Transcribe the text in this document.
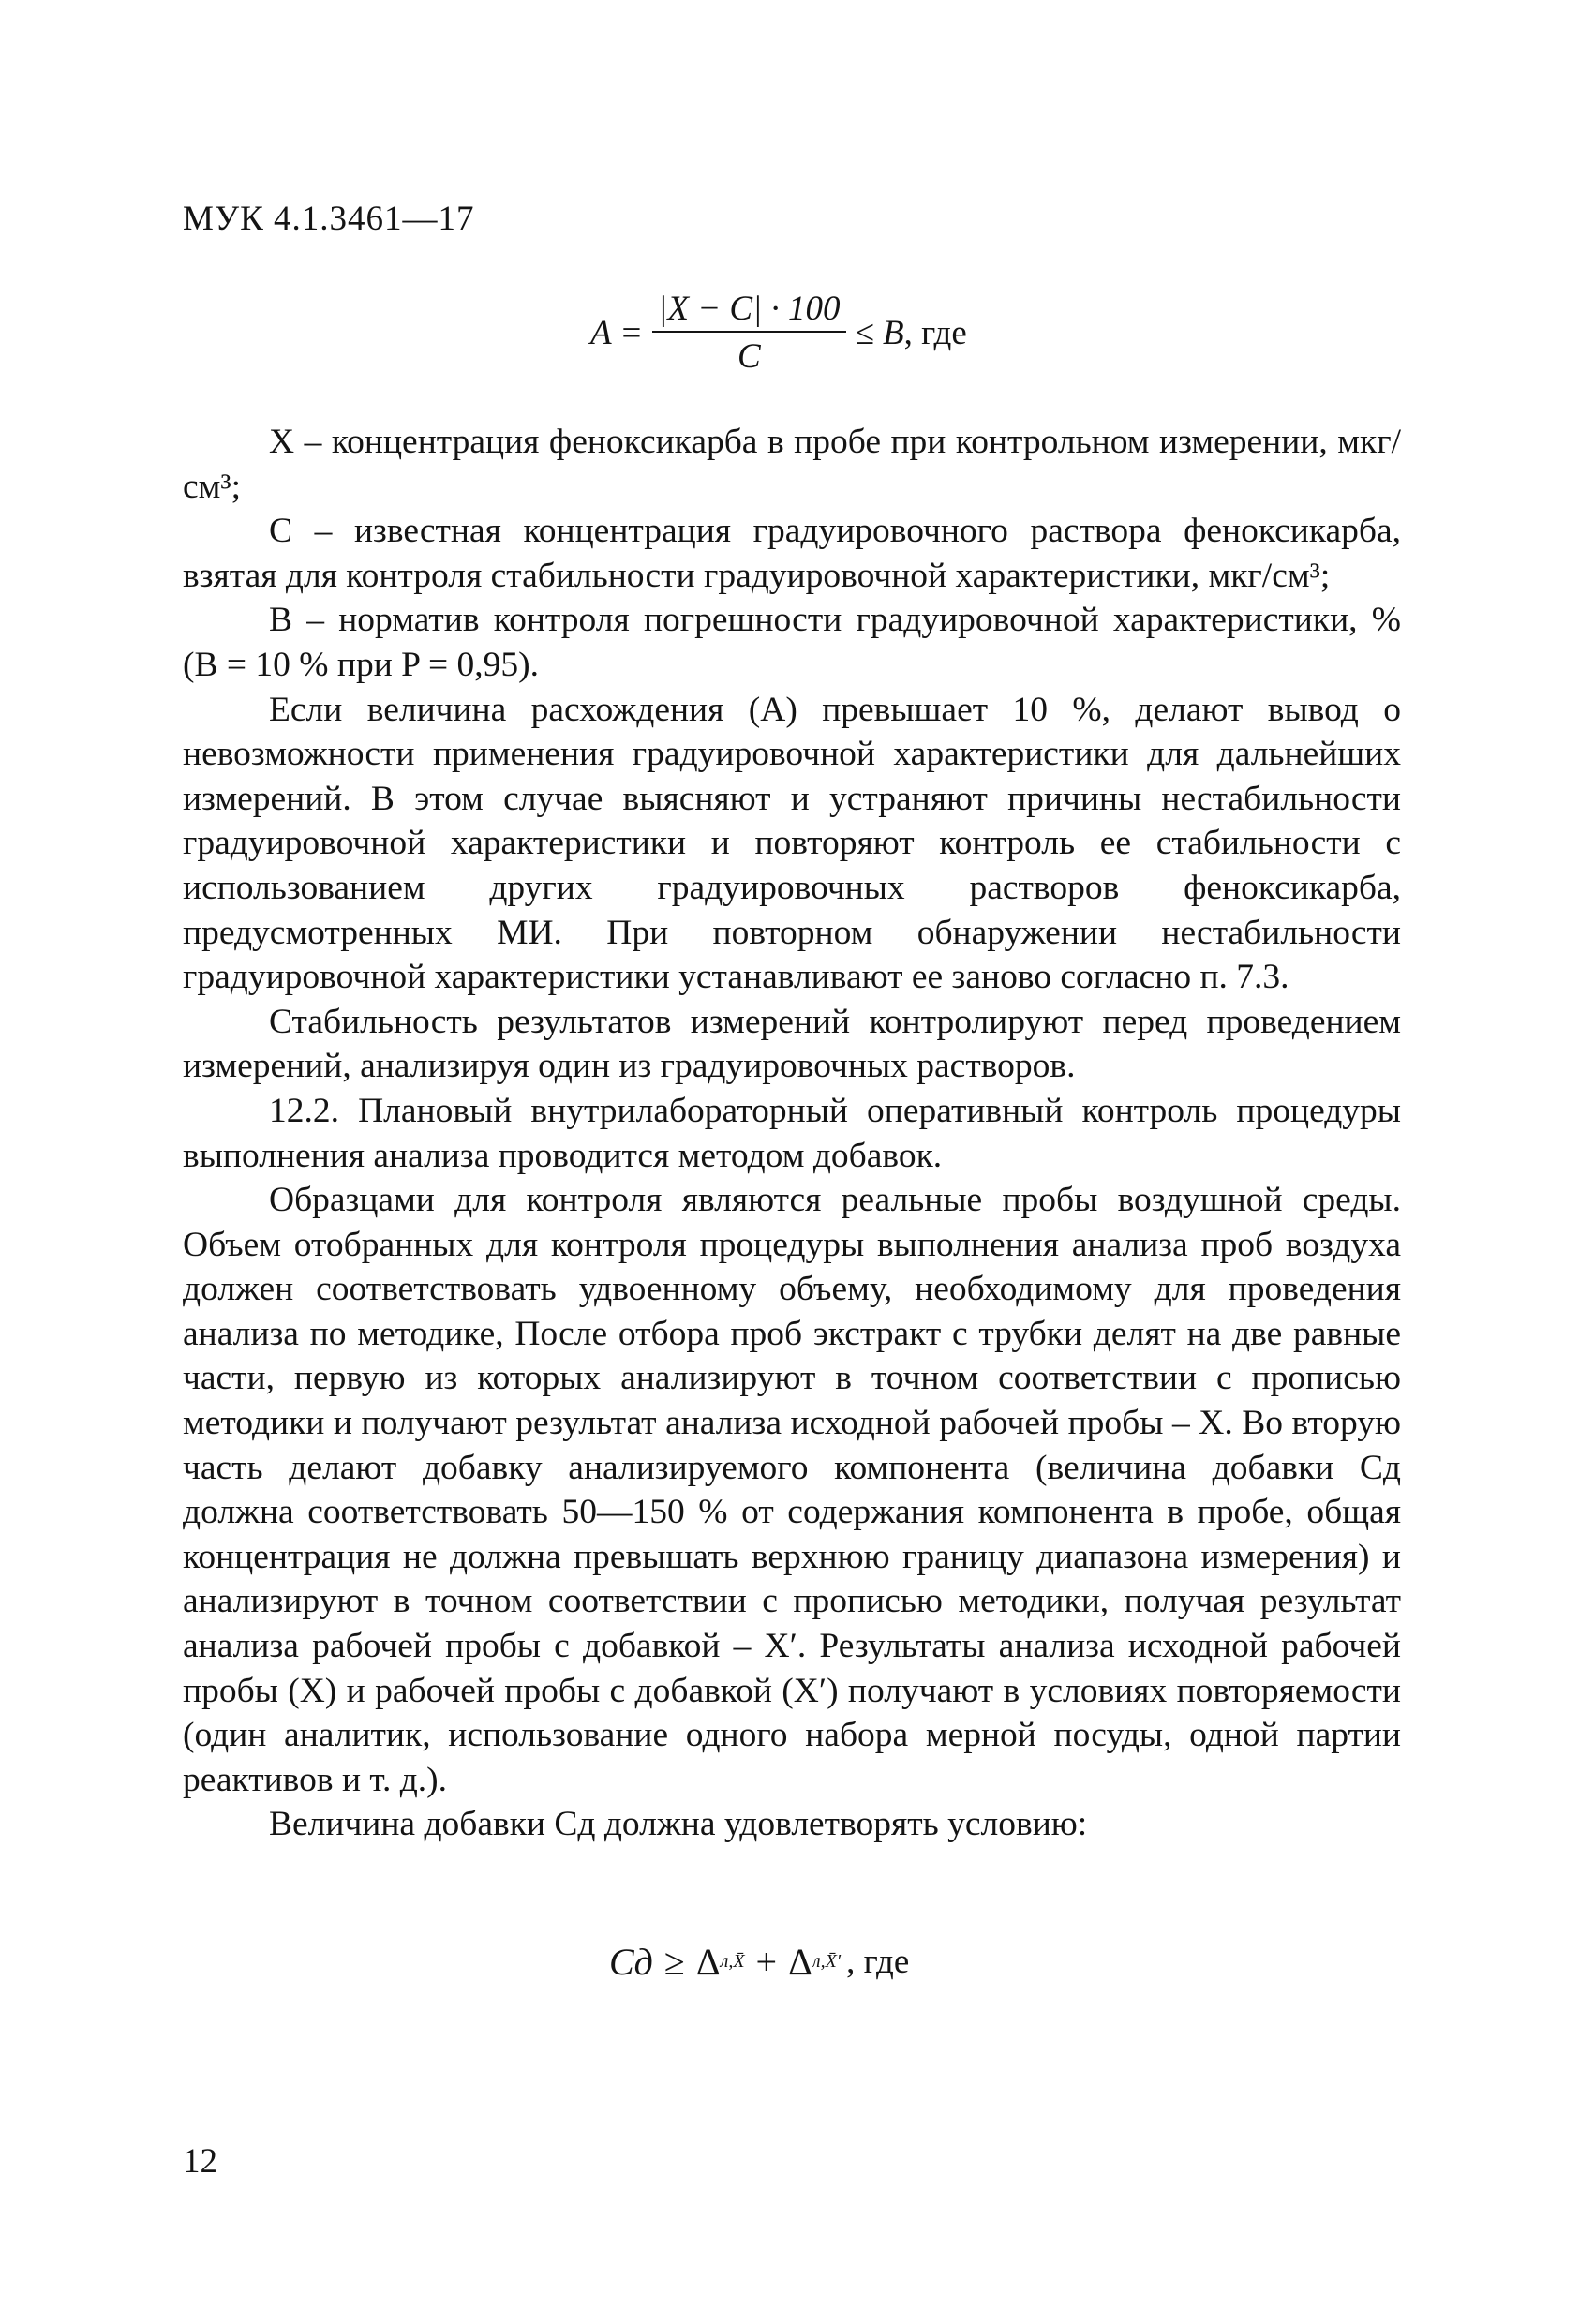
МУК 4.1.3461—17
$A = \frac{|X - C| \cdot 100}{C} \le B$ , где

X – концентрация феноксикарба в пробе при контрольном измерении, мкг/см³;

C – известная концентрация градуировочного раствора феноксикарба, взятая для контроля стабильности градуировочной характеристики, мкг/см³;

B – норматив контроля погрешности градуировочной характеристики, % (B = 10 % при P = 0,95).

Если величина расхождения (A) превышает 10 %, делают вывод о невозможности применения градуировочной характеристики для дальнейших измерений. В этом случае выясняют и устраняют причины нестабильности градуировочной характеристики и повторяют контроль ее стабильности с использованием других градуировочных растворов феноксикарба, предусмотренных МИ. При повторном обнаружении нестабильности градуировочной характеристики устанавливают ее заново согласно п. 7.3.

Стабильность результатов измерений контролируют перед проведением измерений, анализируя один из градуировочных растворов.

12.2. Плановый внутрилабораторный оперативный контроль процедуры выполнения анализа проводится методом добавок.

Образцами для контроля являются реальные пробы воздушной среды. Объем отобранных для контроля процедуры выполнения анализа проб воздуха должен соответствовать удвоенному объему, необходимому для проведения анализа по методике, После отбора проб экстракт с трубки делят на две равные части, первую из которых анализируют в точном соответствии с прописью методики и получают результат анализа исходной рабочей пробы – X. Во вторую часть делают добавку анализируемого компонента (величина добавки Cд должна соответствовать 50—150 % от содержания компонента в пробе, общая концентрация не должна превышать верхнюю границу диапазона измерения) и анализируют в точном соответствии с прописью методики, получая результат анализа рабочей пробы с добавкой – X′. Результаты анализа исходной рабочей пробы (X) и рабочей пробы с добавкой (X′) получают в условиях повторяемости (один аналитик, использование одного набора мерной посуды, одной партии реактивов и т. д.).

Величина добавки Cд должна удовлетворять условию:

Cд ≥ Δ л,X̄ + Δ л,X̄′ , где
12
